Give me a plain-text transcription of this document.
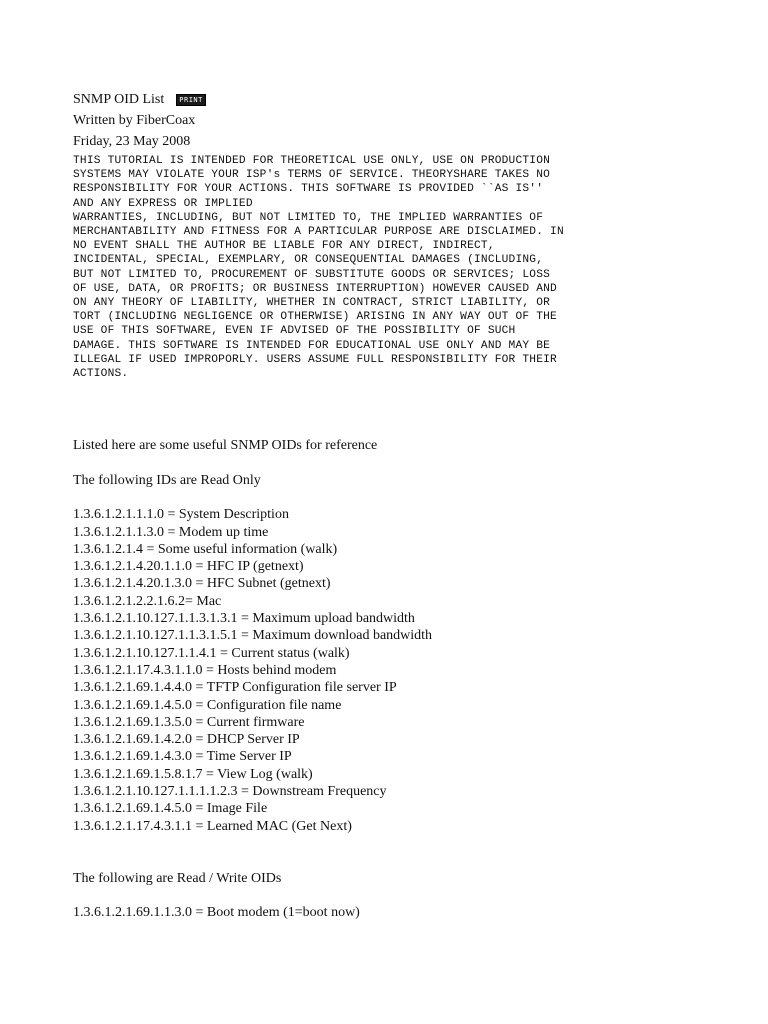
SNMP OID List	PRINT
Written by FiberCoax
Friday, 23 May 2008
THIS TUTORIAL IS INTENDED FOR THEORETICAL USE ONLY, USE ON PRODUCTION
SYSTEMS MAY VIOLATE YOUR ISP's TERMS OF SERVICE. THEORYSHARE TAKES NO
RESPONSIBILITY FOR YOUR ACTIONS. THIS SOFTWARE IS PROVIDED ``AS IS''
AND ANY EXPRESS OR IMPLIED
WARRANTIES, INCLUDING, BUT NOT LIMITED TO, THE IMPLIED WARRANTIES OF
MERCHANTABILITY AND FITNESS FOR A PARTICULAR PURPOSE ARE DISCLAIMED. IN
NO EVENT SHALL THE AUTHOR BE LIABLE FOR ANY DIRECT, INDIRECT,
INCIDENTAL, SPECIAL, EXEMPLARY, OR CONSEQUENTIAL DAMAGES (INCLUDING,
BUT NOT LIMITED TO, PROCUREMENT OF SUBSTITUTE GOODS OR SERVICES; LOSS
OF USE, DATA, OR PROFITS; OR BUSINESS INTERRUPTION) HOWEVER CAUSED AND
ON ANY THEORY OF LIABILITY, WHETHER IN CONTRACT, STRICT LIABILITY, OR
TORT (INCLUDING NEGLIGENCE OR OTHERWISE) ARISING IN ANY WAY OUT OF THE
USE OF THIS SOFTWARE, EVEN IF ADVISED OF THE POSSIBILITY OF SUCH
DAMAGE. THIS SOFTWARE IS INTENDED FOR EDUCATIONAL USE ONLY AND MAY BE
ILLEGAL IF USED IMPROPORLY. USERS ASSUME FULL RESPONSIBILITY FOR THEIR
ACTIONS.
Listed here are some useful SNMP OIDs for reference
The following IDs are Read Only
1.3.6.1.2.1.1.1.0 = System Description
1.3.6.1.2.1.1.3.0 = Modem up time
1.3.6.1.2.1.4 = Some useful information (walk)
1.3.6.1.2.1.4.20.1.1.0 = HFC IP (getnext)
1.3.6.1.2.1.4.20.1.3.0 = HFC Subnet (getnext)
1.3.6.1.2.1.2.2.1.6.2= Mac
1.3.6.1.2.1.10.127.1.1.3.1.3.1 = Maximum upload bandwidth
1.3.6.1.2.1.10.127.1.1.3.1.5.1 = Maximum download bandwidth
1.3.6.1.2.1.10.127.1.1.4.1 = Current status (walk)
1.3.6.1.2.1.17.4.3.1.1.0 = Hosts behind modem
1.3.6.1.2.1.69.1.4.4.0 = TFTP Configuration file server IP
1.3.6.1.2.1.69.1.4.5.0 = Configuration file name
1.3.6.1.2.1.69.1.3.5.0 = Current firmware
1.3.6.1.2.1.69.1.4.2.0 = DHCP Server IP
1.3.6.1.2.1.69.1.4.3.0 = Time Server IP
1.3.6.1.2.1.69.1.5.8.1.7 = View Log (walk)
1.3.6.1.2.1.10.127.1.1.1.1.2.3 = Downstream Frequency
1.3.6.1.2.1.69.1.4.5.0 = Image File
1.3.6.1.2.1.17.4.3.1.1 = Learned MAC (Get Next)
The following are Read / Write OIDs
1.3.6.1.2.1.69.1.1.3.0 = Boot modem (1=boot now)
